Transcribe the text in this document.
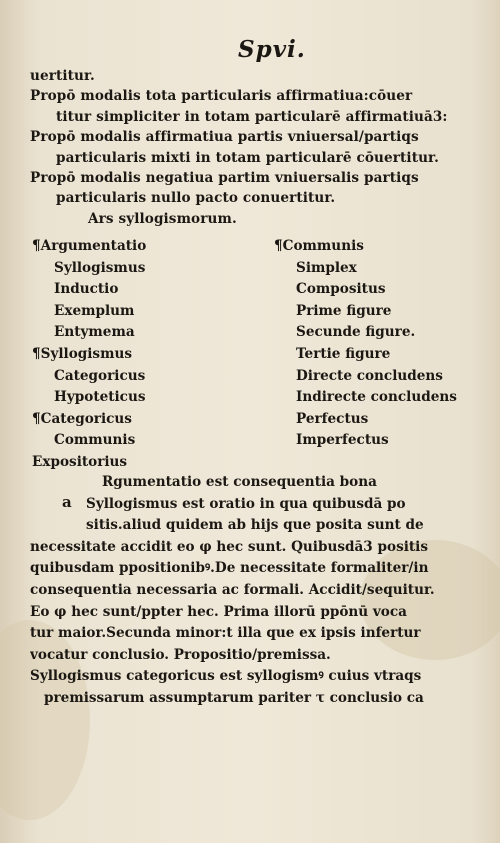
Spvi.
uertitur.
Propō modalis tota particularis affirmatiua:cōuer
titur simpliciter in totam particularē affirmatiuā3:
Propō modalis affirmatiua partis vniuersal/partiqs
particularis mixti in totam particularē cōuertitur.
Propō modalis negatiua partim vniuersalis partiqs
particularis nullo pacto conuertitur.
Ars syllogismorum.
¶Argumentatio
Syllogismus
Inductio
Exemplum
Entymema
¶Syllogismus
Categoricus
Hypoteticus
¶Categoricus
Communis
Expositorius
¶Communis
Simplex
Compositus
Prime figure
Secunde figure.
Tertie figure
Directe concludens
Indirecte concludens
Perfectus
Imperfectus
a
Rgumentatio est consequentia bona
Syllogismus est oratio in qua quibusdā po
sitis.aliud quidem ab hijs que posita sunt de
necessitate accidit eo φ hec sunt. Quibusdā3 positis
quibusdam ppositionibꝰ.De necessitate formaliter/in
consequentia necessaria ac formali. Accidit/sequitur.
Eo φ hec sunt/ppter hec. Prima illorū ppōnū voca
tur maior.Secunda minor:t illa que ex ipsis infertur
vocatur conclusio. Propositio/premissa.
Syllogismus categoricus est syllogismꝰ cuius vtraqs
premissarum assumptarum pariter τ conclusio ca
